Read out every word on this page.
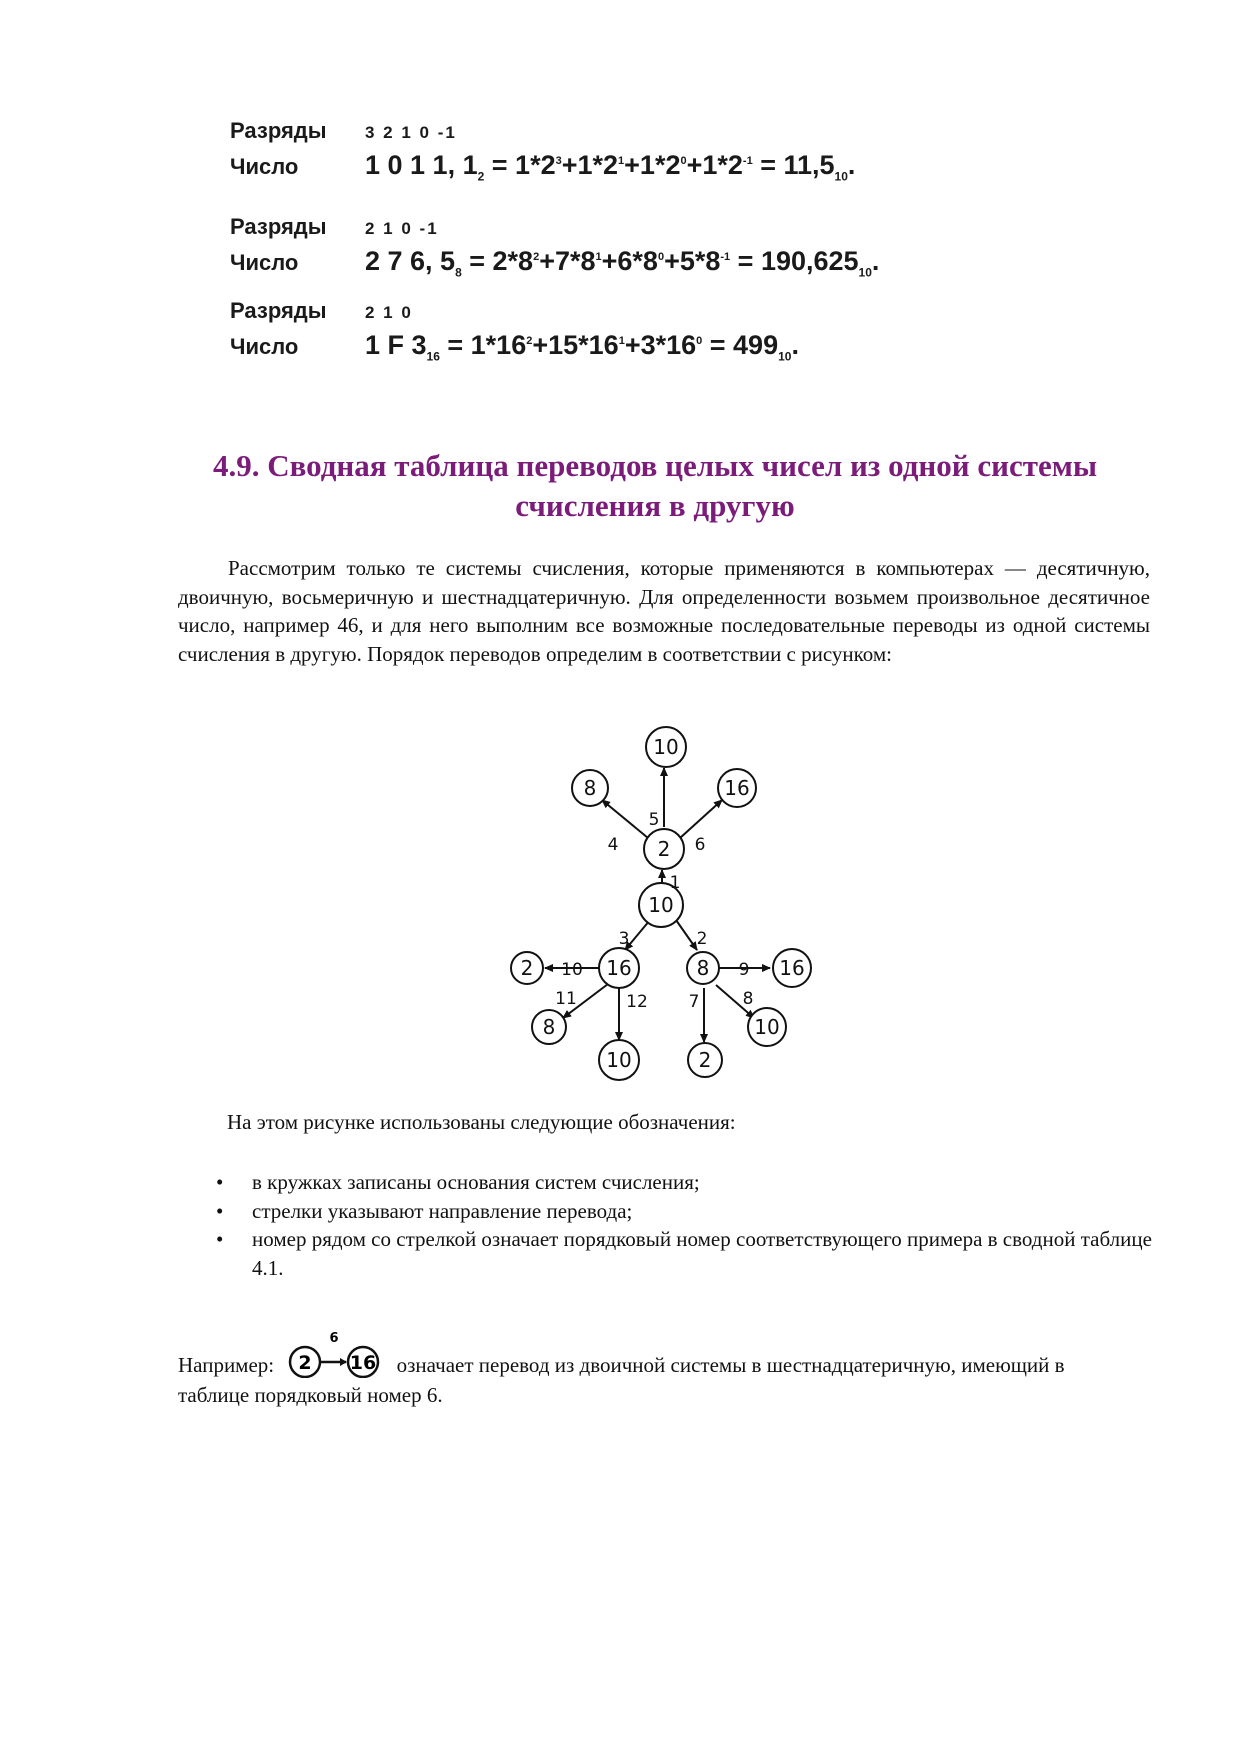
Разряды 3 2 1 0 -1
Число 1 0 1 1, $1_2 = 1*2^3+1*2^1+1*2^0+1*2^{-1} = 11,5_{10}$.
Разряды 2 1 0 -1
Число 2 7 6, $5_8 = 2*8^2+7*8^1+6*8^0+5*8^{-1} = 190,625_{10}$.
Разряды 2 1 0
Число 1 F $3_{16} = 1*16^2+15*16^1+3*16^0 = 499_{10}$.
4.9. Сводная таблица переводов целых чисел из одной системы счисления в другую
Рассмотрим только те системы счисления, которые применяются в компьютерах — десятичную, двоичную, восьмеричную и шестнадцатеричную. Для определенности возьмем произвольное десятичное число, например 46, и для него выполним все возможные последовательные переводы из одной системы счисления в другую. Порядок переводов определим в соответствии с рисунком:
10
8	16
2
10
16	8
2
8
10
16
10
2
5
4	6
1
3	2
10
11	12
9
8
7
На этом рисунке использованы следующие обозначения:
• в кружках записаны основания систем счисления;
• стрелки указывают направление перевода;
• номер рядом со стрелкой означает порядковый номер соответствующего примера в сводной таблице 4.1.
Например: 2 16
6
означает перевод из двоичной системы в шестнадцатеричную, имеющий в таблице порядковый номер 6.
